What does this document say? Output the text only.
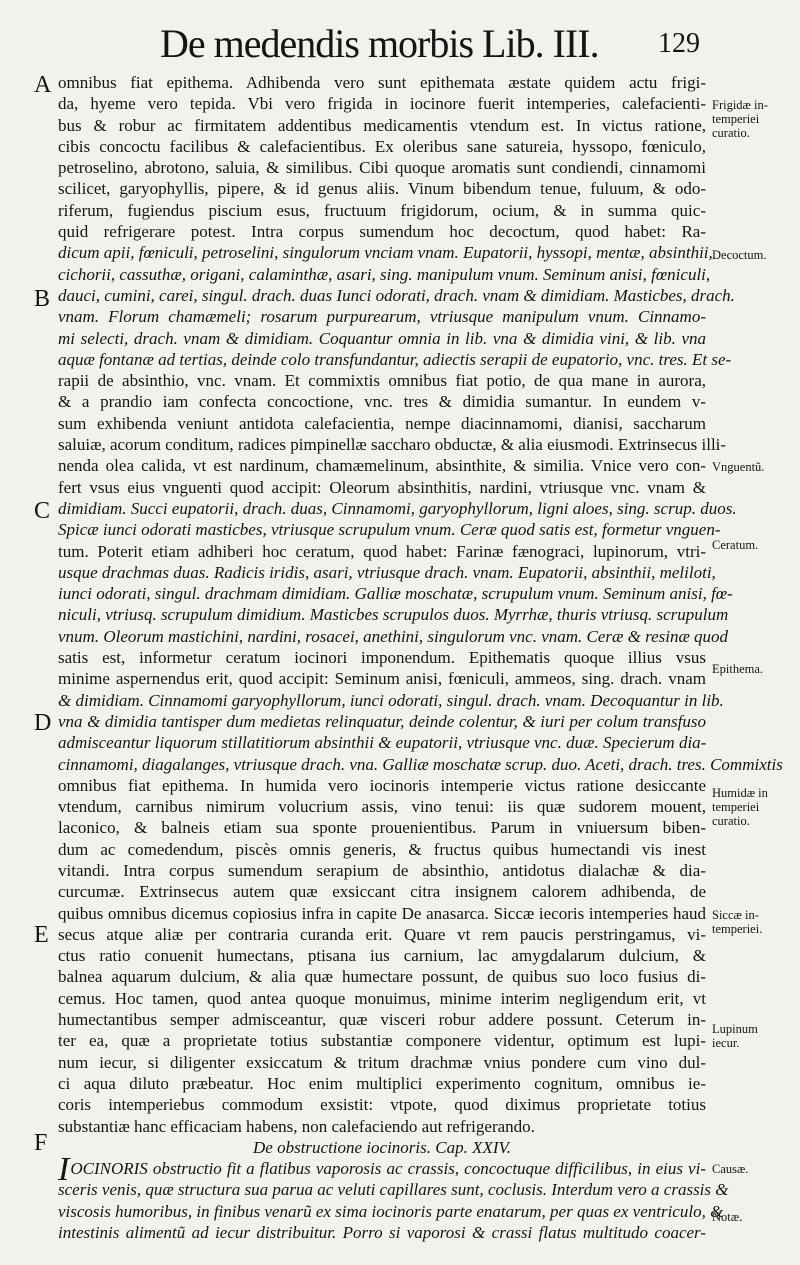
De medendis morbis Lib. III. 129
A
B
C
D
E
F
Frigidæ in-
temperiei
curatio.
Decoctum.
Vnguentũ.
Ceratum.
Epithema.
Humidæ in
temperiei
curatio.
Siccæ in-
temperiei.
Lupinum
iecur.
Causæ.
Notæ.
omnibus fiat epithema. Adhibenda vero sunt epithemata æstate quidem actu frigi-
da, hyeme vero tepida. Vbi vero frigida in iocinore fuerit intemperies, calefacienti-
bus & robur ac firmitatem addentibus medicamentis vtendum est. In victus ratione,
cibis concoctu facilibus & calefacientibus. Ex oleribus sane satureia, hyssopo, fœniculo,
petroselino, abrotono, saluia, & similibus. Cibi quoque aromatis sunt condiendi, cinnamomi
scilicet, garyophyllis, pipere, & id genus aliis. Vinum bibendum tenue, fuluum, & odo-
riferum, fugiendus piscium esus, fructuum frigidorum, ocium, & in summa quic-
quid refrigerare potest. Intra corpus sumendum hoc decoctum, quod habet: Ra-
dicum apii, fœniculi, petroselini, singulorum vnciam vnam. Eupatorii, hyssopi, mentæ, absinthii,
cichorii, cassuthæ, origani, calaminthæ, asari, sing. manipulum vnum. Seminum anisi, fœniculi,
dauci, cumini, carei, singul. drach. duas Iunci odorati, drach. vnam & dimidiam. Masticbes, drach.
vnam. Florum chamæmeli; rosarum purpurearum, vtriusque manipulum vnum. Cinnamo-
mi selecti, drach. vnam & dimidiam. Coquantur omnia in lib. vna & dimidia vini, & lib. vna
aquæ fontanæ ad tertias, deinde colo transfundantur, adiectis serapii de eupatorio, vnc. tres. Et se-
rapii de absinthio, vnc. vnam. Et commixtis omnibus fiat potio, de qua mane in aurora,
& a prandio iam confecta concoctione, vnc. tres & dimidia sumantur. In eundem v-
sum exhibenda veniunt antidota calefacientia, nempe diacinnamomi, dianisi, saccharum
saluiæ, acorum conditum, radices pimpinellæ saccharo obductæ, & alia eiusmodi. Extrinsecus illi-
nenda olea calida, vt est nardinum, chamæmelinum, absinthite, & similia. Vnice vero con-
fert vsus eius vnguenti quod accipit: Oleorum absinthitis, nardini, vtriusque vnc. vnam &
dimidiam. Succi eupatorii, drach. duas, Cinnamomi, garyophyllorum, ligni aloes, sing. scrup. duos.
Spicæ iunci odorati masticbes, vtriusque scrupulum vnum. Ceræ quod satis est, formetur vnguen-
tum. Poterit etiam adhiberi hoc ceratum, quod habet: Farinæ fænograci, lupinorum, vtri-
usque drachmas duas. Radicis iridis, asari, vtriusque drach. vnam. Eupatorii, absinthii, meliloti,
iunci odorati, singul. drachmam dimidiam. Galliæ moschatæ, scrupulum vnum. Seminum anisi, fœ-
niculi, vtriusq. scrupulum dimidium. Masticbes scrupulos duos. Myrrhæ, thuris vtriusq. scrupulum
vnum. Oleorum mastichini, nardini, rosacei, anethini, singulorum vnc. vnam. Ceræ & resinæ quod
satis est, informetur ceratum iocinori imponendum. Epithematis quoque illius vsus
minime aspernendus erit, quod accipit: Seminum anisi, fœniculi, ammeos, sing. drach. vnam
& dimidiam. Cinnamomi garyophyllorum, iunci odorati, singul. drach. vnam. Decoquantur in lib.
vna & dimidia tantisper dum medietas relinquatur, deinde colentur, & iuri per colum transfuso
admisceantur liquorum stillatitiorum absinthii & eupatorii, vtriusque vnc. duæ. Specierum dia-
cinnamomi, diagalanges, vtriusque drach. vna. Galliæ moschatæ scrup. duo. Aceti, drach. tres. Commixtis
omnibus fiat epithema. In humida vero iocinoris intemperie victus ratione desiccante
vtendum, carnibus nimirum volucrium assis, vino tenui: iis quæ sudorem mouent,
laconico, & balneis etiam sua sponte prouenientibus. Parum in vniuersum biben-
dum ac comedendum, piscès omnis generis, & fructus quibus humectandi vis inest
vitandi. Intra corpus sumendum serapium de absinthio, antidotus dialachæ & dia-
curcumæ. Extrinsecus autem quæ exsiccant citra insignem calorem adhibenda, de
quibus omnibus dicemus copiosius infra in capite De anasarca. Siccæ iecoris intemperies haud
secus atque aliæ per contraria curanda erit. Quare vt rem paucis perstringamus, vi-
ctus ratio conuenit humectans, ptisana ius carnium, lac amygdalarum dulcium, &
balnea aquarum dulcium, & alia quæ humectare possunt, de quibus suo loco fusius di-
cemus. Hoc tamen, quod antea quoque monuimus, minime interim negligendum erit, vt
humectantibus semper admisceantur, quæ visceri robur addere possunt. Ceterum in-
ter ea, quæ a proprietate totius substantiæ componere videntur, optimum est lupi-
num iecur, si diligenter exsiccatum & tritum drachmæ vnius pondere cum vino dul-
ci aqua diluto præbeatur. Hoc enim multiplici experimento cognitum, omnibus ie-
coris intemperiebus commodum exsistit: vtpote, quod diximus proprietate totius
substantiæ hanc efficaciam habens, non calefaciendo aut refrigerando.
De obstructione iocinoris. Cap. XXIV.
IOCINORIS obstructio fit a flatibus vaporosis ac crassis, concoctuque difficilibus, in eius vi-
sceris venis, quæ structura sua parua ac veluti capillares sunt, coclusis. Interdum vero a crassis &
viscosis humoribus, in finibus venarũ ex sima iocinoris parte enatarum, per quas ex ventriculo, &
intestinis alimentũ ad iecur distribuitur. Porro si vaporosi & crassi flatus multitudo coacer-
